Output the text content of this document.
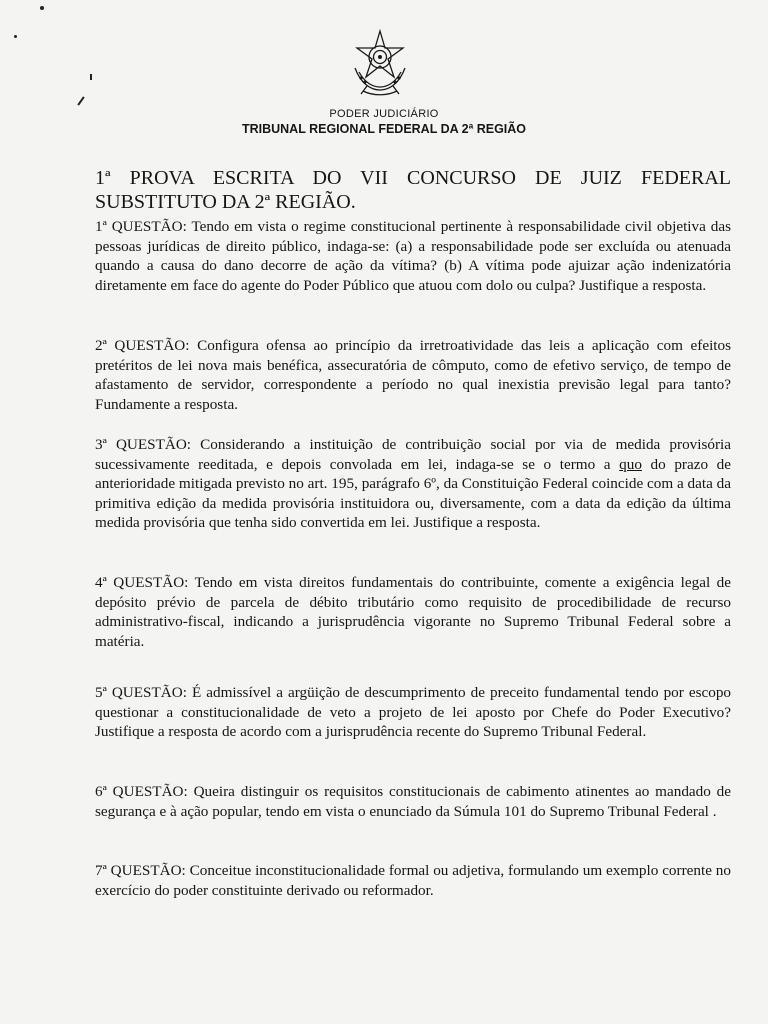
PODER JUDICIÁRIO
TRIBUNAL REGIONAL FEDERAL DA 2ª REGIÃO
1ª PROVA ESCRITA DO VII CONCURSO DE JUIZ FEDERAL SUBSTITUTO DA 2ª REGIÃO.

1ª QUESTÃO: Tendo em vista o regime constitucional pertinente à responsabilidade civil objetiva das pessoas jurídicas de direito público, indaga-se: (a) a responsabilidade pode ser excluída ou atenuada quando a causa do dano decorre de ação da vítima? (b) A vítima pode ajuizar ação indenizatória diretamente em face do agente do Poder Público que atuou com dolo ou culpa? Justifique a resposta.

2ª QUESTÃO: Configura ofensa ao princípio da irretroatividade das leis a aplicação com efeitos pretéritos de lei nova mais benéfica, assecuratória de cômputo, como de efetivo serviço, de tempo de afastamento de servidor, correspondente a período no qual inexistia previsão legal para tanto? Fundamente a resposta.

3ª QUESTÃO: Considerando a instituição de contribuição social por via de medida provisória sucessivamente reeditada, e depois convolada em lei, indaga-se se o termo a quo do prazo de anterioridade mitigada previsto no art. 195, parágrafo 6º, da Constituição Federal coincide com a data da primitiva edição da medida provisória instituidora ou, diversamente, com a data da edição da última medida provisória que tenha sido convertida em lei. Justifique a resposta.

4ª QUESTÃO: Tendo em vista direitos fundamentais do contribuinte, comente a exigência legal de depósito prévio de parcela de débito tributário como requisito de procedibilidade de recurso administrativo-fiscal, indicando a jurisprudência vigorante no Supremo Tribunal Federal sobre a matéria.

5ª QUESTÃO: É admissível a argüição de descumprimento de preceito fundamental tendo por escopo questionar a constitucionalidade de veto a projeto de lei aposto por Chefe do Poder Executivo? Justifique a resposta de acordo com a jurisprudência recente do Supremo Tribunal Federal.

6ª QUESTÃO: Queira distinguir os requisitos constitucionais de cabimento atinentes ao mandado de segurança e à ação popular, tendo em vista o enunciado da Súmula 101 do Supremo Tribunal Federal .

7ª QUESTÃO: Conceitue inconstitucionalidade formal ou adjetiva, formulando um exemplo corrente no exercício do poder constituinte derivado ou reformador.
